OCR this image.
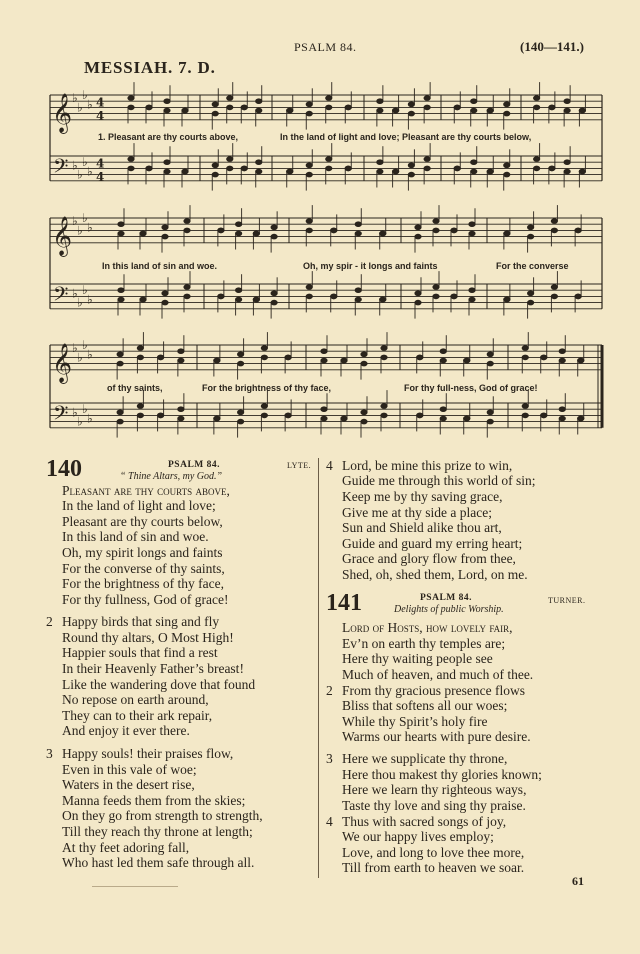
PSALM 84.	(140—141.)
MESSIAH. 7. D.
𝄞
𝄢
♭
♭
♭
♭
♭
♭
♭
♭
4
4
4
4
𝄞
𝄢
♭
♭
♭
♭
♭
♭
♭
♭
𝄞
𝄢
♭
♭
♭
♭
♭
♭
♭
♭
1. Pleasant are thy courts above,	In the land of light and love; Pleasant are thy courts below,
In this land of sin and woe.	Oh, my spir - it longs and faints	For the converse
of thy saints,	For the brightness of thy face,	For thy full-ness, God of grace!
140	PSALM 84.	LYTE.
“ Thine Altars, my God.”
Pleasant are thy courts above,
In the land of light and love;
Pleasant are thy courts below,
In this land of sin and woe.
Oh, my spirit longs and faints
For the converse of thy saints,
For the brightness of thy face,
For thy fullness, God of grace!
2 Happy birds that sing and fly
Round thy altars, O Most High!
Happier souls that find a rest
In their Heavenly Father’s breast!
Like the wandering dove that found
No repose on earth around,
They can to their ark repair,
And enjoy it ever there.
3 Happy souls! their praises flow,
Even in this vale of woe;
Waters in the desert rise,
Manna feeds them from the skies;
On they go from strength to strength,
Till they reach thy throne at length;
At thy feet adoring fall,
Who hast led them safe through all.
4 Lord, be mine this prize to win,
Guide me through this world of sin;
Keep me by thy saving grace,
Give me at thy side a place;
Sun and Shield alike thou art,
Guide and guard my erring heart;
Grace and glory flow from thee,
Shed, oh, shed them, Lord, on me.
141	PSALM 84.	TURNER.
Delights of public Worship.
Lord of Hosts, how lovely fair,
Ev’n on earth thy temples are;
Here thy waiting people see
Much of heaven, and much of thee.
2 From thy gracious presence flows
Bliss that softens all our woes;
While thy Spirit’s holy fire
Warms our hearts with pure desire.
3 Here we supplicate thy throne,
Here thou makest thy glories known;
Here we learn thy righteous ways,
Taste thy love and sing thy praise.
4 Thus with sacred songs of joy,
We our happy lives employ;
Love, and long to love thee more,
Till from earth to heaven we soar.
61
